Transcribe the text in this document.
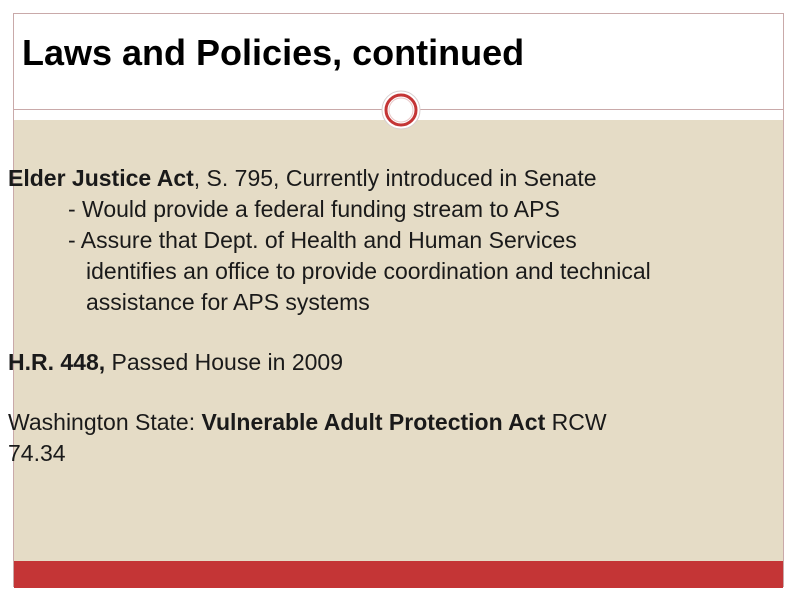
Laws and Policies, continued

Elder Justice Act, S. 795, Currently introduced in Senate

- Would provide a federal funding stream to APS

- Assure that Dept. of Health and Human Services

identifies an office to provide coordination and technical

assistance for APS systems

H.R. 448, Passed House in 2009

Washington State: Vulnerable Adult Protection Act RCW

74.34
